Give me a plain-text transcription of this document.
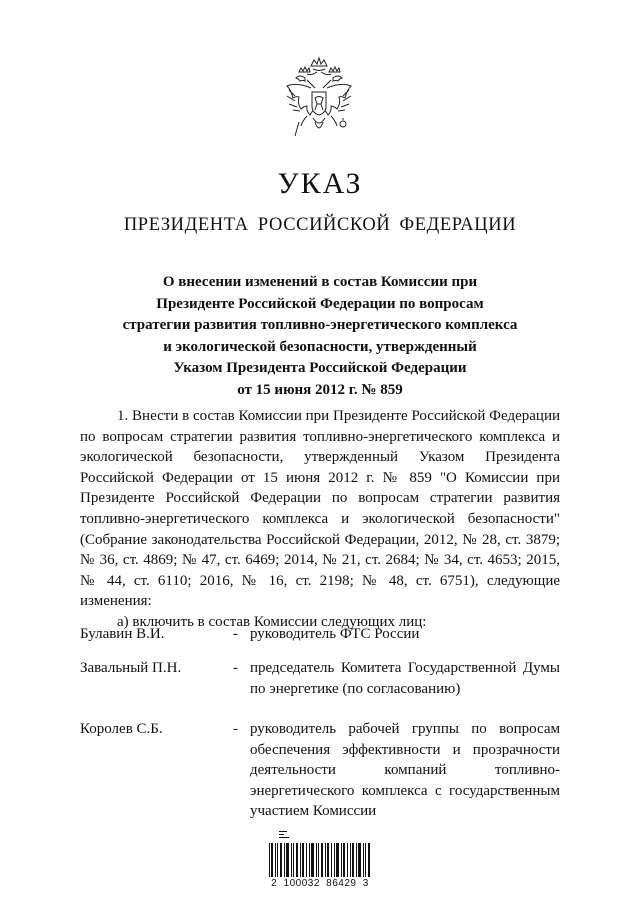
УКАЗ
ПРЕЗИДЕНТА РОССИЙСКОЙ ФЕДЕРАЦИИ
О внесении изменений в состав Комиссии при
Президенте Российской Федерации по вопросам
стратегии развития топливно-энергетического комплекса
и экологической безопасности, утвержденный
Указом Президента Российской Федерации
от 15 июня 2012 г. № 859

1. Внести в состав Комиссии при Президенте Российской Федерации по вопросам стратегии развития топливно-энергетического комплекса и экологической безопасности, утвержденный Указом Президента Российской Федерации от 15 июня 2012 г. № 859 "О Комиссии при Президенте Российской Федерации по вопросам стратегии развития топливно-энергетического комплекса и экологической безопасности" (Собрание законодательства Российской Федерации, 2012, № 28, ст. 3879; № 36, ст. 4869; № 47, ст. 6469; 2014, № 21, ст. 2684; № 34, ст. 4653; 2015, № 44, ст. 6110; 2016, № 16, ст. 2198; № 48, ст. 6751), следующие изменения:

а) включить в состав Комиссии следующих лиц:

Булавин В.И.	- руководитель ФТС России
Завальный П.Н.	- председатель Комитета Государственной Думы по энергетике (по согласованию)
Королев С.Б.	- руководитель рабочей группы по вопросам обеспечения эффективности и прозрачности деятельности компаний топливно-энергетического комплекса с государственным участием Комиссии
2 100032 86429 3
